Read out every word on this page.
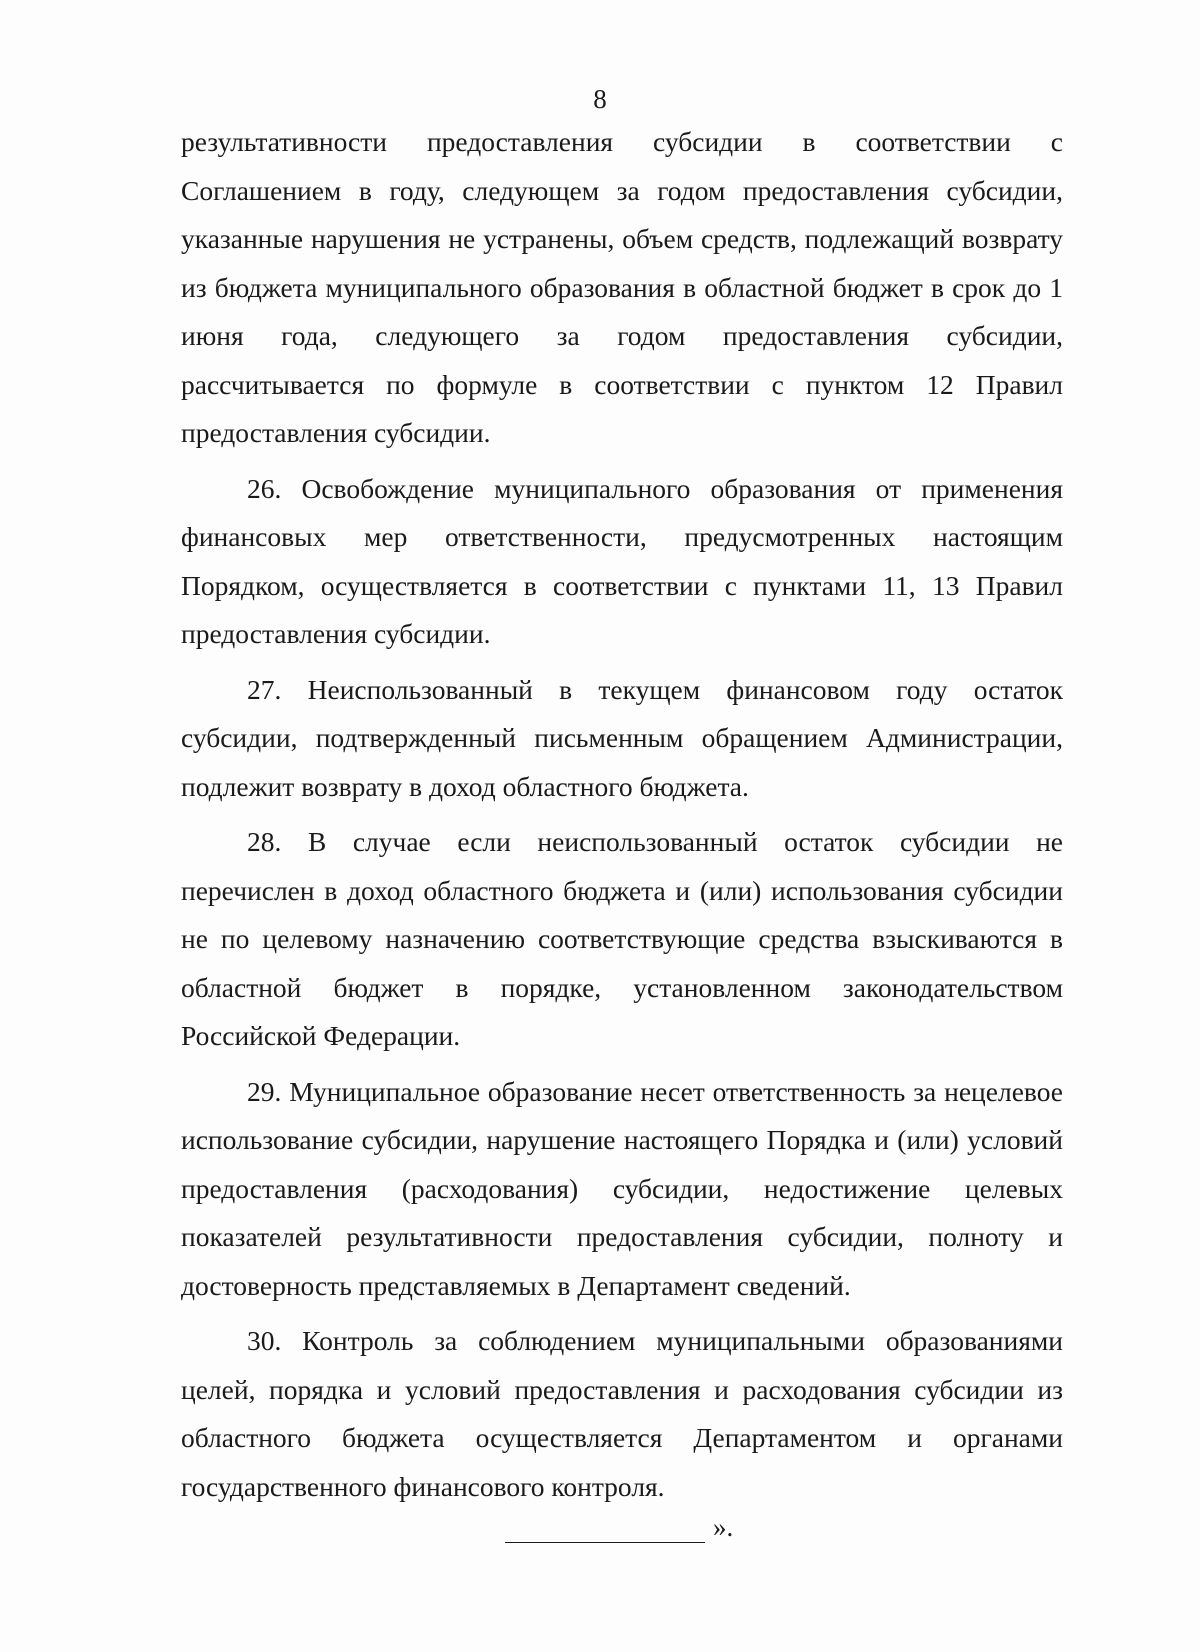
8

результативности предоставления субсидии в соответствии с Соглашением в году, следующем за годом предоставления субсидии, указанные нарушения не устранены, объем средств, подлежащий возврату из бюджета муниципального образования в областной бюджет в срок до 1 июня года, следующего за годом предоставления субсидии, рассчитывается по формуле в соответствии с пунктом 12 Правил предоставления субсидии.

26. Освобождение муниципального образования от применения финансовых мер ответственности, предусмотренных настоящим Порядком, осуществляется в соответствии с пунктами 11, 13 Правил предоставления субсидии.

27. Неиспользованный в текущем финансовом году остаток субсидии, подтвержденный письменным обращением Администрации, подлежит возврату в доход областного бюджета.

28. В случае если неиспользованный остаток субсидии не перечислен в доход областного бюджета и (или) использования субсидии не по целевому назначению соответствующие средства взыскиваются в областной бюджет в порядке, установленном законодательством Российской Федерации.

29. Муниципальное образование несет ответственность за нецелевое использование субсидии, нарушение настоящего Порядка и (или) условий предоставления (расходования) субсидии, недостижение целевых показателей результативности предоставления субсидии, полноту и достоверность представляемых в Департамент сведений.

30. Контроль за соблюдением муниципальными образованиями целей, порядка и условий предоставления и расходования субсидии из областного бюджета осуществляется Департаментом и органами государственного финансового контроля.

».
